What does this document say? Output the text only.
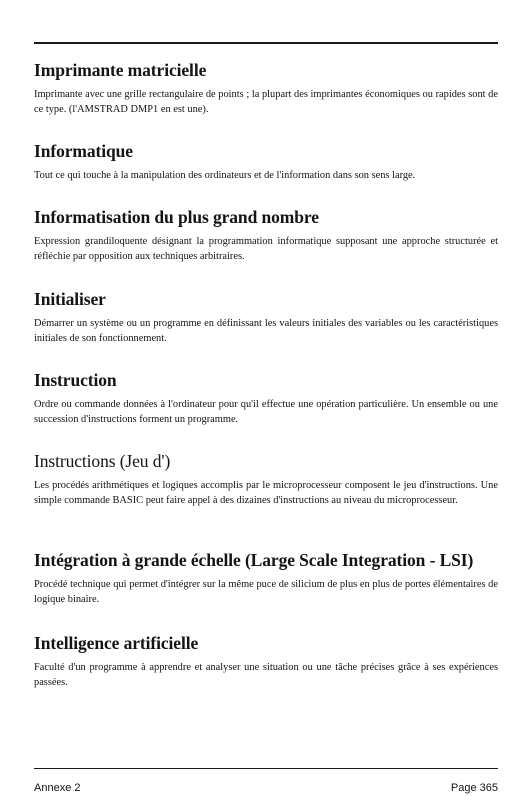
Imprimante matricielle

Imprimante avec une grille rectangulaire de points ; la plupart des imprimantes économiques ou rapides sont de ce type. (l'AMSTRAD DMP1 en est une).

Informatique

Tout ce qui touche à la manipulation des ordinateurs et de l'information dans son sens large.

Informatisation du plus grand nombre

Expression grandiloquente désignant la programmation informatique supposant une approche structurée et réfléchie par opposition aux techniques arbitraires.

Initialiser

Démarrer un système ou un programme en définissant les valeurs initiales des variables ou les caractéristiques initiales de son fonctionnement.

Instruction

Ordre ou commande données à l'ordinateur pour qu'il effectue une opération particulière. Un ensemble ou une succession d'instructions forment un programme.

Instructions (Jeu d')

Les procédés arithmétiques et logiques accomplis par le microprocesseur composent le jeu d'instructions. Une simple commande BASIC peut faire appel à des dizaines d'instructions au niveau du microprocesseur.

Intégration à grande échelle (Large Scale Integration - LSI)

Procédé technique qui permet d'intégrer sur la même puce de silicium de plus en plus de portes élémentaires de logique binaire.

Intelligence artificielle

Faculté d'un programme à apprendre et analyser une situation ou une tâche précises grâce à ses expériences passées.

Annexe 2	Page 365
